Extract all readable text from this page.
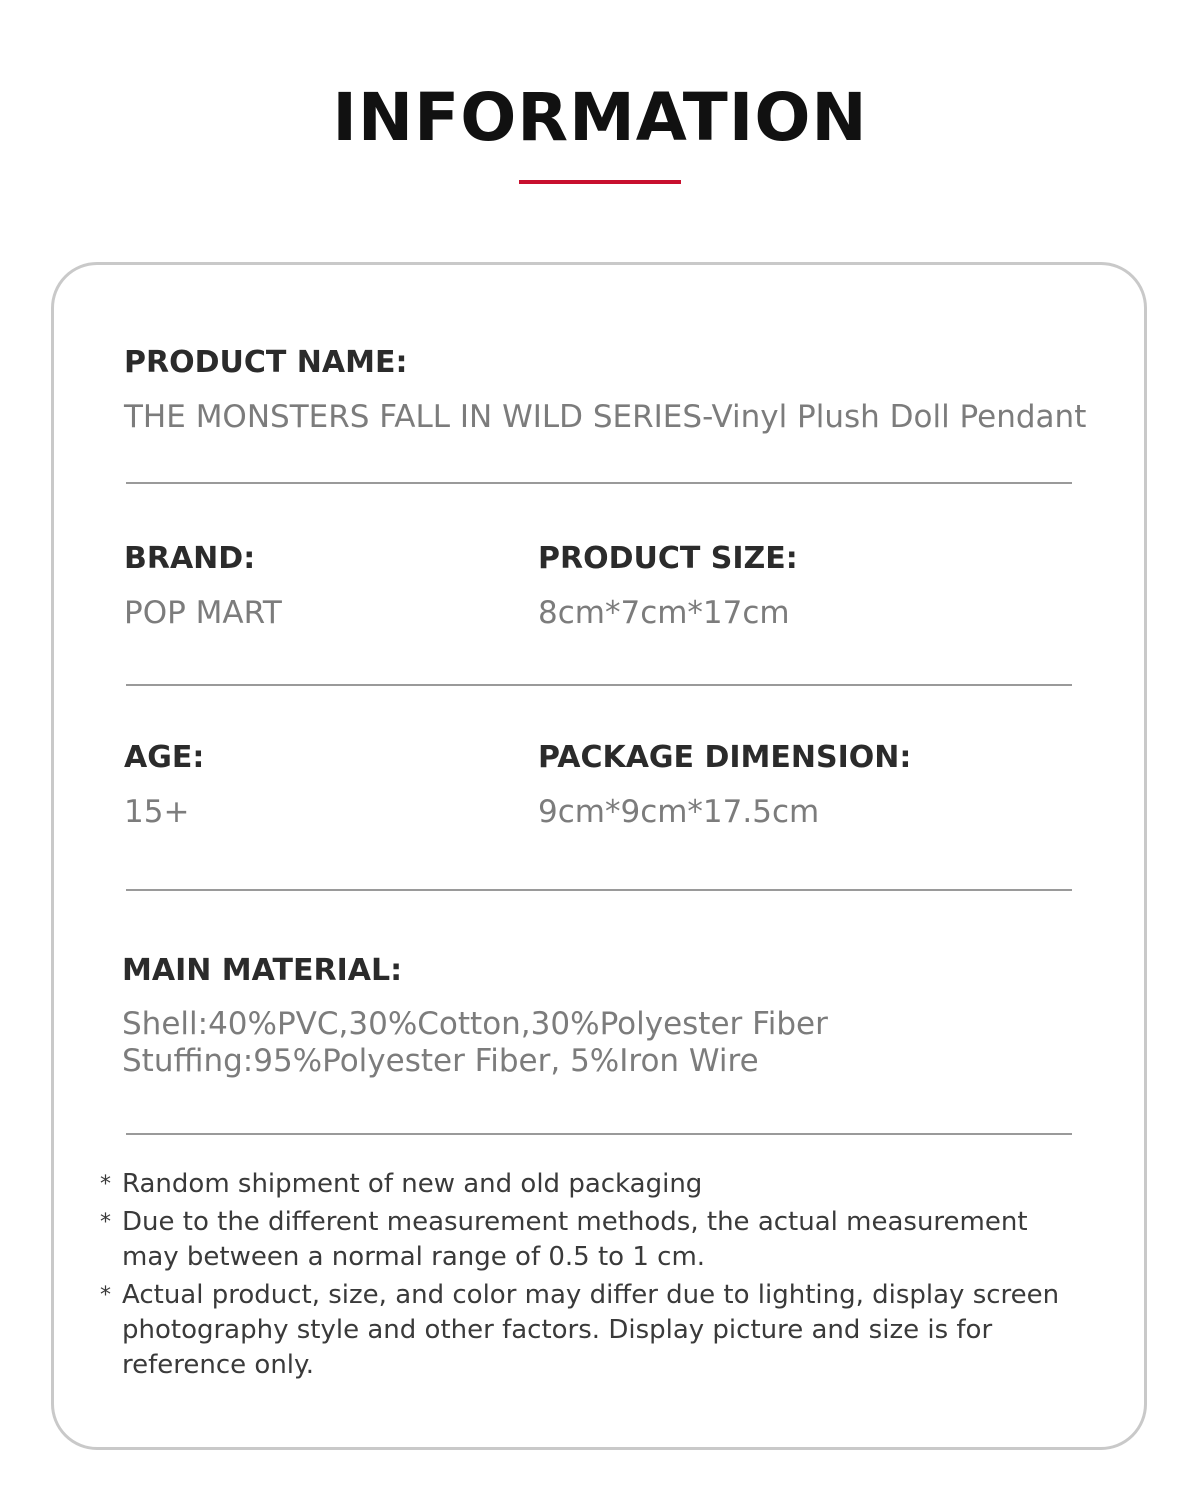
INFORMATION
PRODUCT NAME:
THE MONSTERS FALL IN WILD SERIES-Vinyl Plush Doll Pendant
BRAND:
POP MART
PRODUCT SIZE:
8cm*7cm*17cm
AGE:
15+
PACKAGE DIMENSION:
9cm*9cm*17.5cm
MAIN MATERIAL:
Shell:40%PVC,30%Cotton,30%Polyester Fiber
Stuffing:95%Polyester Fiber, 5%Iron Wire
* Random shipment of new and old packaging
* Due to the different measurement methods, the actual measurement may between a normal range of 0.5 to 1 cm.
* Actual product, size, and color may differ due to lighting, display screen photography style and other factors. Display picture and size is for reference only.
